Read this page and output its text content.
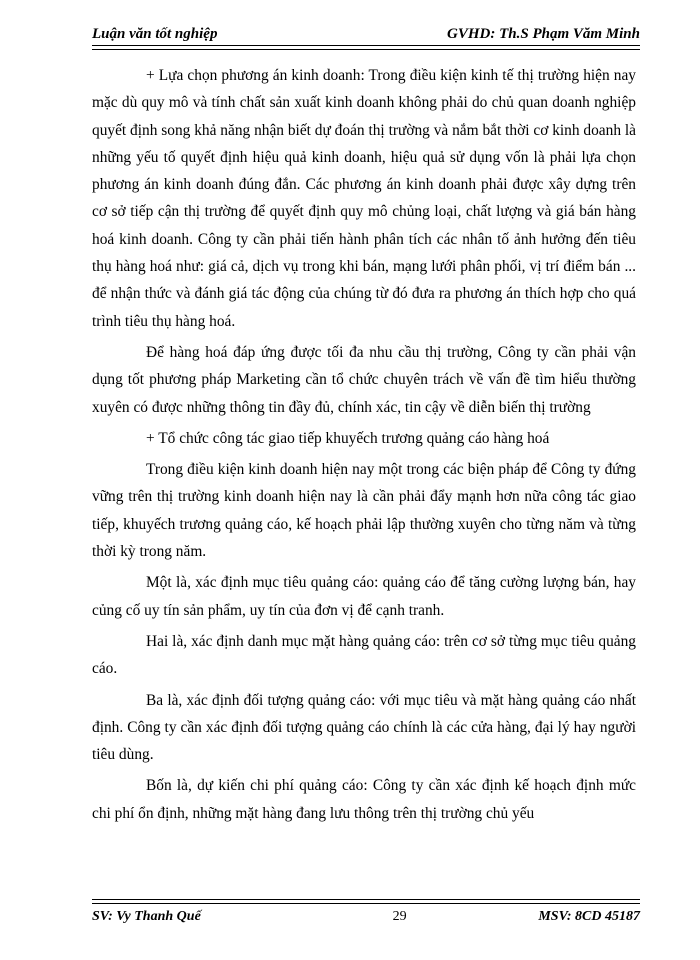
Luận văn tốt nghiệp	GVHD: Th.S Phạm Văm Minh

+ Lựa chọn phương án kinh doanh: Trong điều kiện kinh tế thị trường hiện nay mặc dù quy mô và tính chất sản xuất kinh doanh không phải do chủ quan doanh nghiệp quyết định song khả năng nhận biết dự đoán thị trường và nắm bắt thời cơ kinh doanh là những yếu tố quyết định hiệu quả kinh doanh, hiệu quả sử dụng vốn là phải lựa chọn phương án kinh doanh đúng đắn. Các phương án kinh doanh phải được xây dựng trên cơ sở tiếp cận thị trường để quyết định quy mô chủng loại, chất lượng và giá bán hàng hoá kinh doanh. Công ty cần phải tiến hành phân tích các nhân tố ảnh hưởng đến tiêu thụ hàng hoá như: giá cả, dịch vụ trong khi bán, mạng lưới phân phối, vị trí điểm bán ... để nhận thức và đánh giá tác động của chúng từ đó đưa ra phương án thích hợp cho quá trình tiêu thụ hàng hoá.

Để hàng hoá đáp ứng được tối đa nhu cầu thị trường, Công ty cần phải vận dụng tốt phương pháp Marketing cần tổ chức chuyên trách về vấn đề tìm hiểu thường xuyên có được những thông tin đầy đủ, chính xác, tin cậy về diễn biến thị trường

+ Tổ chức công tác giao tiếp khuyếch trương quảng cáo hàng hoá

Trong điều kiện kinh doanh hiện nay một trong các biện pháp để Công ty đứng vững trên thị trường kinh doanh hiện nay là cần phải đẩy mạnh hơn nữa công tác giao tiếp, khuyếch trương quảng cáo, kế hoạch phải lập thường xuyên cho từng năm và từng thời kỳ trong năm.

Một là, xác định mục tiêu quảng cáo: quảng cáo để tăng cường lượng bán, hay củng cố uy tín sản phẩm, uy tín của đơn vị để cạnh tranh.

Hai là, xác định danh mục mặt hàng quảng cáo: trên cơ sở từng mục tiêu quảng cáo.

Ba là, xác định đối tượng quảng cáo: với mục tiêu và mặt hàng quảng cáo nhất định. Công ty cần xác định đối tượng quảng cáo chính là các cửa hàng, đại lý hay người tiêu dùng.

Bốn là, dự kiến chi phí quảng cáo: Công ty cần xác định kế hoạch định mức chi phí ổn định, những mặt hàng đang lưu thông trên thị trường chủ yếu

SV: Vy Thanh Quế	29	MSV: 8CD 45187
